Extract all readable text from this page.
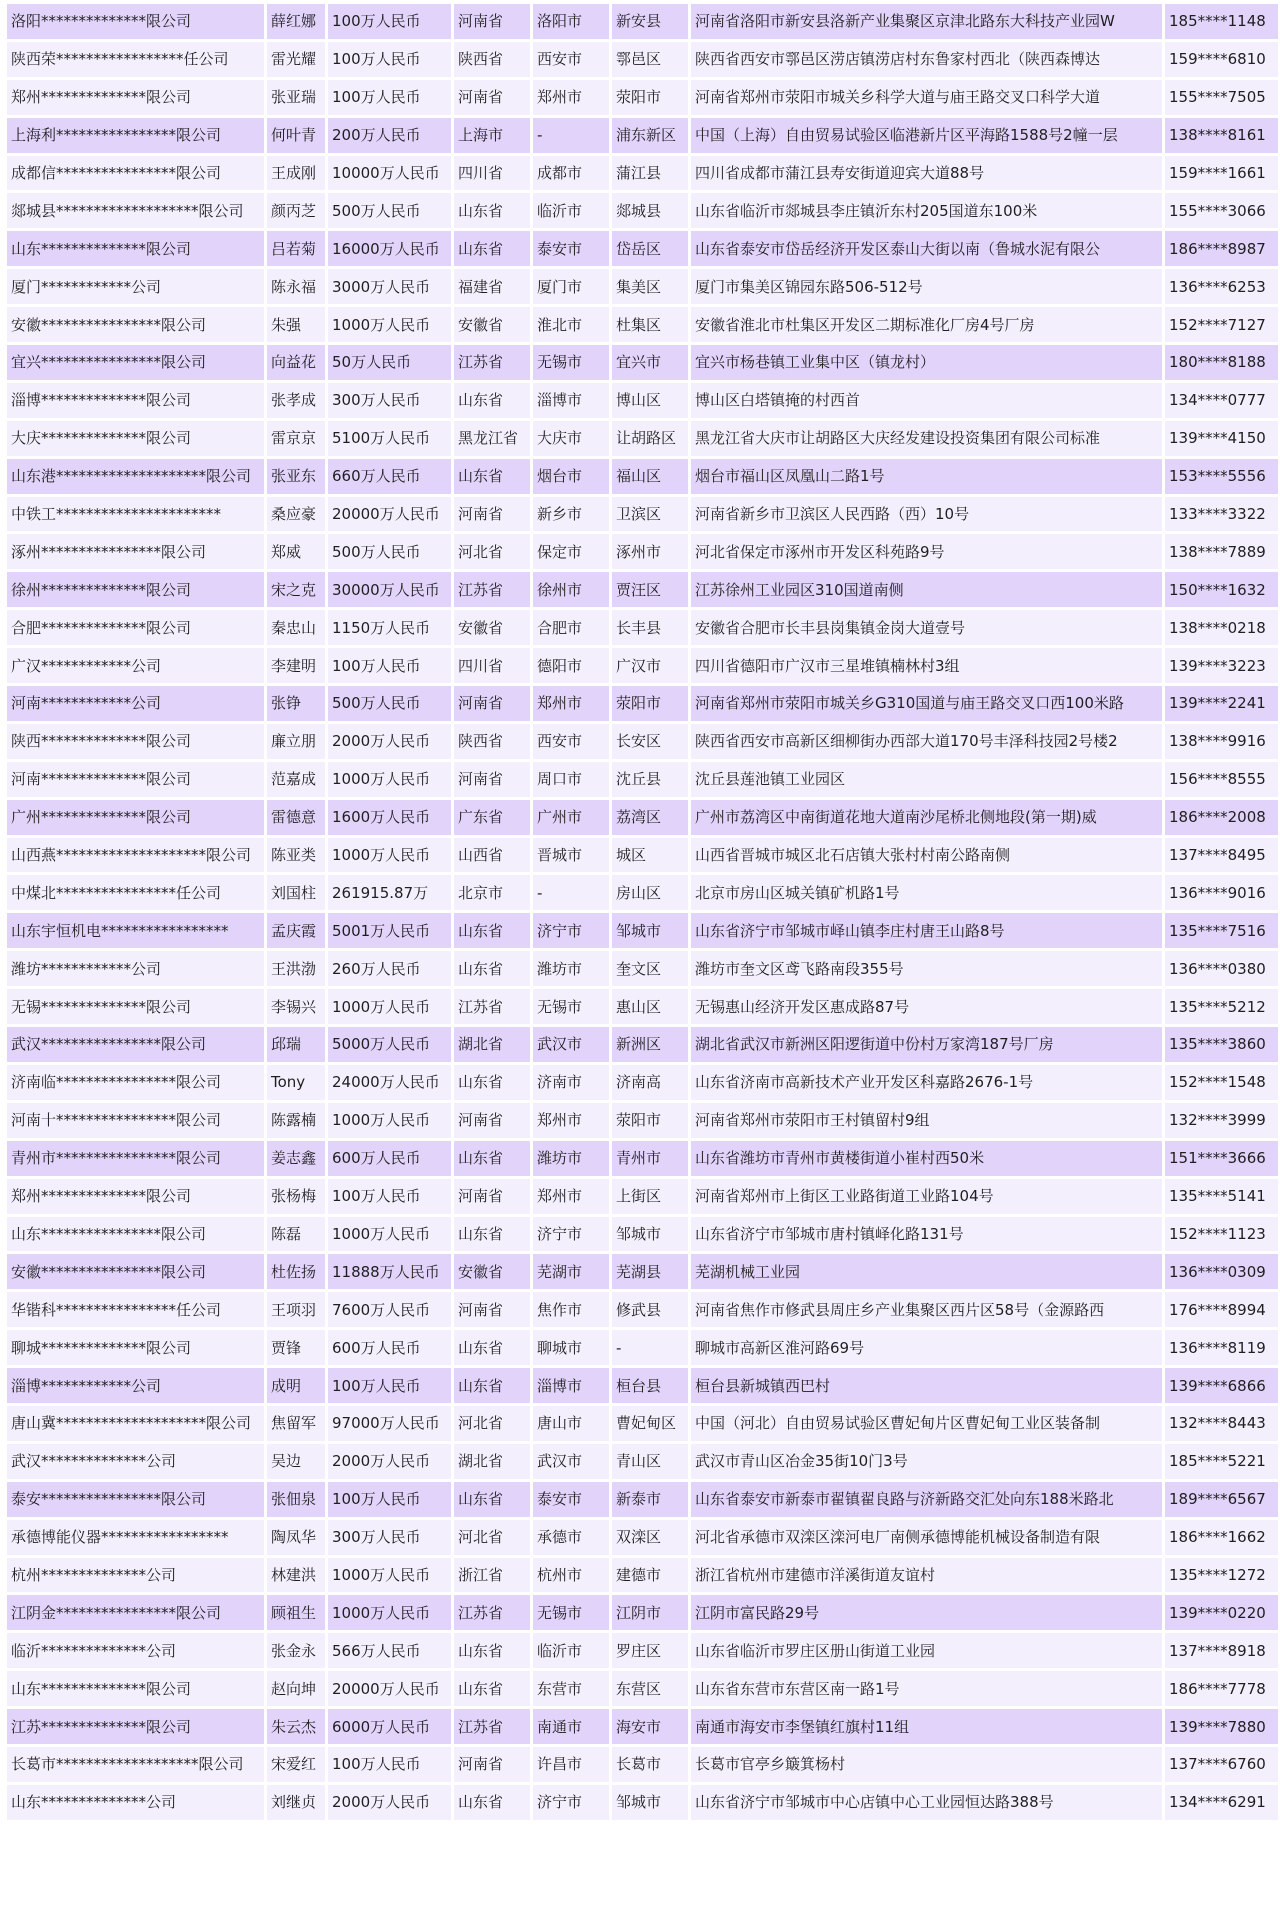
洛阳**************限公司	薛红娜	100万人民币	河南省	洛阳市	新安县	河南省洛阳市新安县洛新产业集聚区京津北路东大科技产业园W	185****1148
陕西荣*****************任公司	雷光耀	100万人民币	陕西省	西安市	鄠邑区	陕西省西安市鄠邑区涝店镇涝店村东鲁家村西北（陕西森博达	159****6810
郑州**************限公司	张亚瑞	100万人民币	河南省	郑州市	荥阳市	河南省郑州市荥阳市城关乡科学大道与庙王路交叉口科学大道	155****7505
上海利****************限公司	何叶青	200万人民币	上海市	-	浦东新区	中国（上海）自由贸易试验区临港新片区平海路1588号2幢一层	138****8161
成都信****************限公司	王成刚	10000万人民币	四川省	成都市	蒲江县	四川省成都市蒲江县寿安街道迎宾大道88号	159****1661
郯城县*******************限公司	颜丙芝	500万人民币	山东省	临沂市	郯城县	山东省临沂市郯城县李庄镇沂东村205国道东100米	155****3066
山东**************限公司	吕若菊	16000万人民币	山东省	泰安市	岱岳区	山东省泰安市岱岳经济开发区泰山大街以南（鲁城水泥有限公	186****8987
厦门************公司	陈永福	3000万人民币	福建省	厦门市	集美区	厦门市集美区锦园东路506-512号	136****6253
安徽****************限公司	朱强	1000万人民币	安徽省	淮北市	杜集区	安徽省淮北市杜集区开发区二期标准化厂房4号厂房	152****7127
宜兴****************限公司	向益花	50万人民币	江苏省	无锡市	宜兴市	宜兴市杨巷镇工业集中区（镇龙村）	180****8188
淄博**************限公司	张孝成	300万人民币	山东省	淄博市	博山区	博山区白塔镇掩的村西首	134****0777
大庆**************限公司	雷京京	5100万人民币	黑龙江省	大庆市	让胡路区	黑龙江省大庆市让胡路区大庆经发建设投资集团有限公司标准	139****4150
山东港********************限公司	张亚东	660万人民币	山东省	烟台市	福山区	烟台市福山区凤凰山二路1号	153****5556
中铁工**********************	桑应豪	20000万人民币	河南省	新乡市	卫滨区	河南省新乡市卫滨区人民西路（西）10号	133****3322
涿州****************限公司	郑威	500万人民币	河北省	保定市	涿州市	河北省保定市涿州市开发区科苑路9号	138****7889
徐州**************限公司	宋之克	30000万人民币	江苏省	徐州市	贾汪区	江苏徐州工业园区310国道南侧	150****1632
合肥**************限公司	秦忠山	1150万人民币	安徽省	合肥市	长丰县	安徽省合肥市长丰县岗集镇金岗大道壹号	138****0218
广汉************公司	李建明	100万人民币	四川省	德阳市	广汉市	四川省德阳市广汉市三星堆镇楠林村3组	139****3223
河南************公司	张铮	500万人民币	河南省	郑州市	荥阳市	河南省郑州市荥阳市城关乡G310国道与庙王路交叉口西100米路	139****2241
陕西**************限公司	廉立朋	2000万人民币	陕西省	西安市	长安区	陕西省西安市高新区细柳街办西部大道170号丰泽科技园2号楼2	138****9916
河南**************限公司	范嘉成	1000万人民币	河南省	周口市	沈丘县	沈丘县莲池镇工业园区	156****8555
广州**************限公司	雷德意	1600万人民币	广东省	广州市	荔湾区	广州市荔湾区中南街道花地大道南沙尾桥北侧地段(第一期)威	186****2008
山西燕********************限公司	陈亚类	1000万人民币	山西省	晋城市	城区	山西省晋城市城区北石店镇大张村村南公路南侧	137****8495
中煤北****************任公司	刘国柱	261915.87万	北京市	-	房山区	北京市房山区城关镇矿机路1号	136****9016
山东宇恒机电*****************	孟庆霞	5001万人民币	山东省	济宁市	邹城市	山东省济宁市邹城市峄山镇李庄村唐王山路8号	135****7516
潍坊************公司	王洪渤	260万人民币	山东省	潍坊市	奎文区	潍坊市奎文区鸢飞路南段355号	136****0380
无锡**************限公司	李锡兴	1000万人民币	江苏省	无锡市	惠山区	无锡惠山经济开发区惠成路87号	135****5212
武汉****************限公司	邱瑞	5000万人民币	湖北省	武汉市	新洲区	湖北省武汉市新洲区阳逻街道中份村万家湾187号厂房	135****3860
济南临****************限公司	Tony	24000万人民币	山东省	济南市	济南高	山东省济南市高新技术产业开发区科嘉路2676-1号	152****1548
河南十****************限公司	陈露楠	1000万人民币	河南省	郑州市	荥阳市	河南省郑州市荥阳市王村镇留村9组	132****3999
青州市****************限公司	姜志鑫	600万人民币	山东省	潍坊市	青州市	山东省潍坊市青州市黄楼街道小崔村西50米	151****3666
郑州**************限公司	张杨梅	100万人民币	河南省	郑州市	上街区	河南省郑州市上街区工业路街道工业路104号	135****5141
山东****************限公司	陈磊	1000万人民币	山东省	济宁市	邹城市	山东省济宁市邹城市唐村镇峄化路131号	152****1123
安徽****************限公司	杜佐扬	11888万人民币	安徽省	芜湖市	芜湖县	芜湖机械工业园	136****0309
华锴科****************任公司	王项羽	7600万人民币	河南省	焦作市	修武县	河南省焦作市修武县周庄乡产业集聚区西片区58号（金源路西	176****8994
聊城**************限公司	贾锋	600万人民币	山东省	聊城市	-	聊城市高新区淮河路69号	136****8119
淄博************公司	成明	100万人民币	山东省	淄博市	桓台县	桓台县新城镇西巴村	139****6866
唐山冀********************限公司	焦留军	97000万人民币	河北省	唐山市	曹妃甸区	中国（河北）自由贸易试验区曹妃甸片区曹妃甸工业区装备制	132****8443
武汉**************公司	吴边	2000万人民币	湖北省	武汉市	青山区	武汉市青山区冶金35街10门3号	185****5221
泰安****************限公司	张佃泉	100万人民币	山东省	泰安市	新泰市	山东省泰安市新泰市翟镇翟良路与济新路交汇处向东188米路北	189****6567
承德博能仪器*****************	陶凤华	300万人民币	河北省	承德市	双滦区	河北省承德市双滦区滦河电厂南侧承德博能机械设备制造有限	186****1662
杭州**************公司	林建洪	1000万人民币	浙江省	杭州市	建德市	浙江省杭州市建德市洋溪街道友谊村	135****1272
江阴金****************限公司	顾祖生	1000万人民币	江苏省	无锡市	江阴市	江阴市富民路29号	139****0220
临沂**************公司	张金永	566万人民币	山东省	临沂市	罗庄区	山东省临沂市罗庄区册山街道工业园	137****8918
山东**************限公司	赵向坤	20000万人民币	山东省	东营市	东营区	山东省东营市东营区南一路1号	186****7778
江苏**************限公司	朱云杰	6000万人民币	江苏省	南通市	海安市	南通市海安市李堡镇红旗村11组	139****7880
长葛市*******************限公司	宋爱红	100万人民币	河南省	许昌市	长葛市	长葛市官亭乡簸箕杨村	137****6760
山东**************公司	刘继贞	2000万人民币	山东省	济宁市	邹城市	山东省济宁市邹城市中心店镇中心工业园恒达路388号	134****6291
